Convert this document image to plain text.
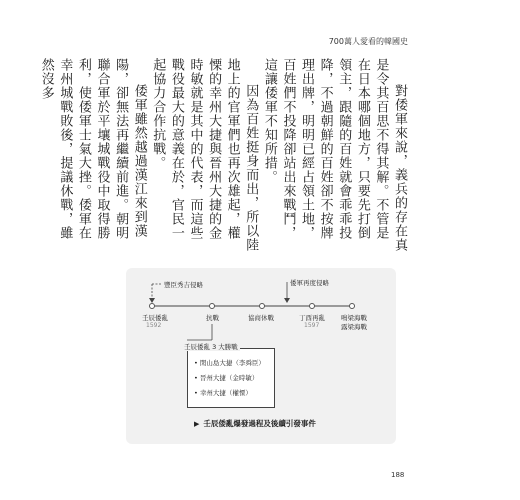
700萬人愛看的韓國史

對倭軍來說，義兵的存在真是令其百思不得其解。不管是在日本哪個地方，只要先打倒領主，跟隨的百姓就會乖乖投降，不過朝鮮的百姓卻不按牌理出牌，明明已經占領土地，百姓們不投降卻站出來戰鬥，這讓倭軍不知所措。

因為百姓挺身而出，所以陸地上的官軍們也再次雄起，權慄的幸州大捷與晉州大捷的金時敏就是其中的代表，而這些戰役最大的意義在於，官民一起協力合作抗戰。

倭軍雖然越過漢江來到漢陽，卻無法再繼續前進。朝明聯合軍於平壤城戰役中取得勝利，使倭軍士氣大挫。倭軍在幸州城戰敗後，提議休戰，雖然沒多

豐臣秀吉侵略	倭軍再度侵略
壬辰倭亂
1592
抗戰	協商休戰	丁酉再亂
1597
鳴梁海戰
露梁海戰
• 閑山島大捷（李舜臣）
• 晉州大捷（金時敏）
• 幸州大捷（權慄）
壬辰倭亂 3 大勝戰
▶ 壬辰倭亂爆發過程及後續引發事件
188
